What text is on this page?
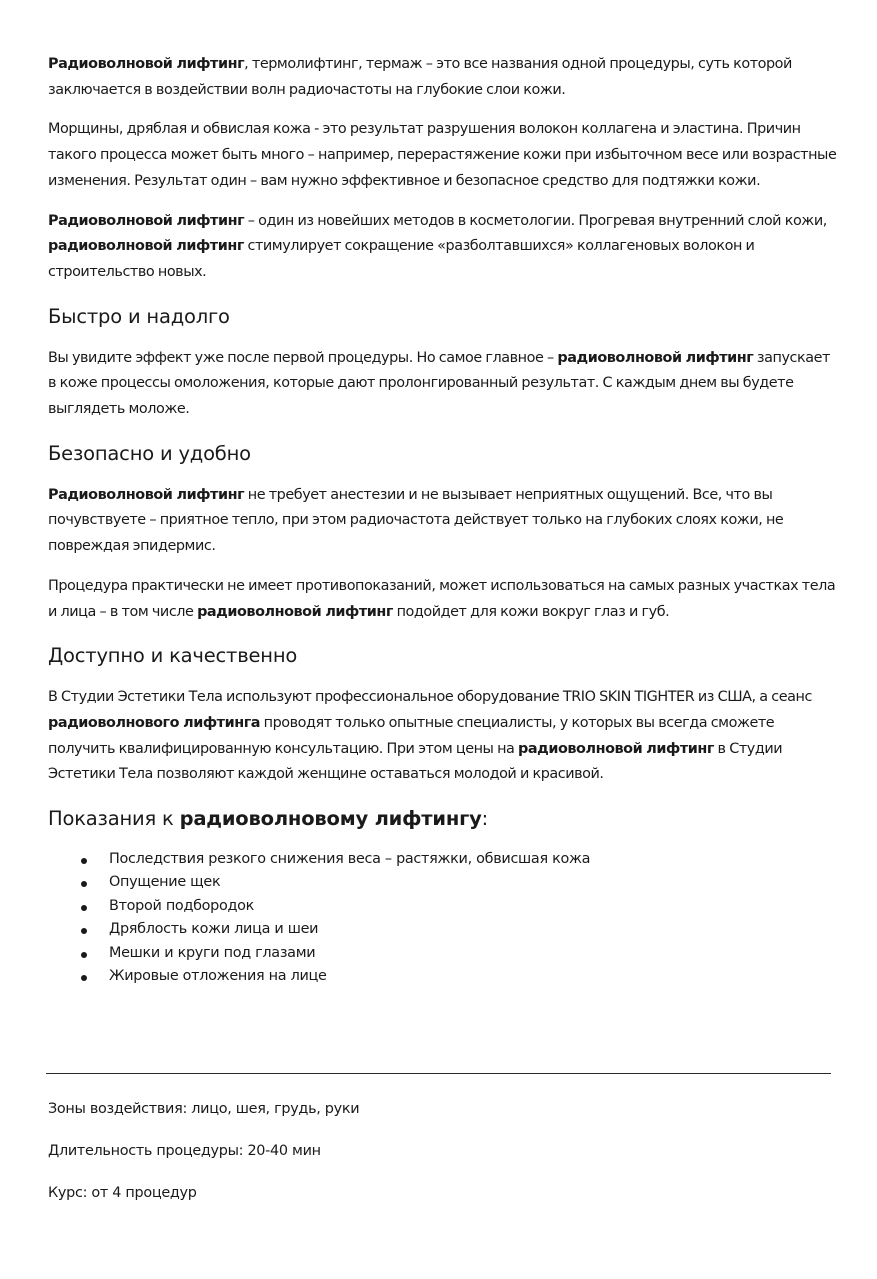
Радиоволновой лифтинг, термолифтинг, термаж – это все названия одной процедуры, суть которой заключается в воздействии волн радиочастоты на глубокие слои кожи.

Морщины, дряблая и обвислая кожа - это результат разрушения волокон коллагена и эластина. Причин такого процесса может быть много – например, перерастяжение кожи при избыточном весе или возрастные изменения. Результат один – вам нужно эффективное и безопасное средство для подтяжки кожи.

Радиоволновой лифтинг – один из новейших методов в косметологии. Прогревая внутренний слой кожи, радиоволновой лифтинг стимулирует сокращение «разболтавшихся» коллагеновых волокон и строительство новых.

Быстро и надолго

Вы увидите эффект уже после первой процедуры. Но самое главное – радиоволновой лифтинг запускает в коже процессы омоложения, которые дают пролонгированный результат. С каждым днем вы будете выглядеть моложе.

Безопасно и удобно

Радиоволновой лифтинг не требует анестезии и не вызывает неприятных ощущений. Все, что вы почувствуете – приятное тепло, при этом радиочастота действует только на глубоких слоях кожи, не повреждая эпидермис.

Процедура практически не имеет противопоказаний, может использоваться на самых разных участках тела и лица – в том числе радиоволновой лифтинг подойдет для кожи вокруг глаз и губ.

Доступно и качественно

В Студии Эстетики Тела используют профессиональное оборудование TRIO SKIN TIGHTER из США, а сеанс радиоволнового лифтинга проводят только опытные специалисты, у которых вы всегда сможете получить квалифицированную консультацию. При этом цены на радиоволновой лифтинг в Студии Эстетики Тела позволяют каждой женщине оставаться молодой и красивой.

Показания к радиоволновому лифтингу:
Последствия резкого снижения веса – растяжки, обвисшая кожа
Опущение щек
Второй подбородок
Дряблость кожи лица и шеи
Мешки и круги под глазами
Жировые отложения на лице
Зоны воздействия: лицо, шея, грудь, руки
Длительность процедуры: 20-40 мин
Курс: от 4 процедур
